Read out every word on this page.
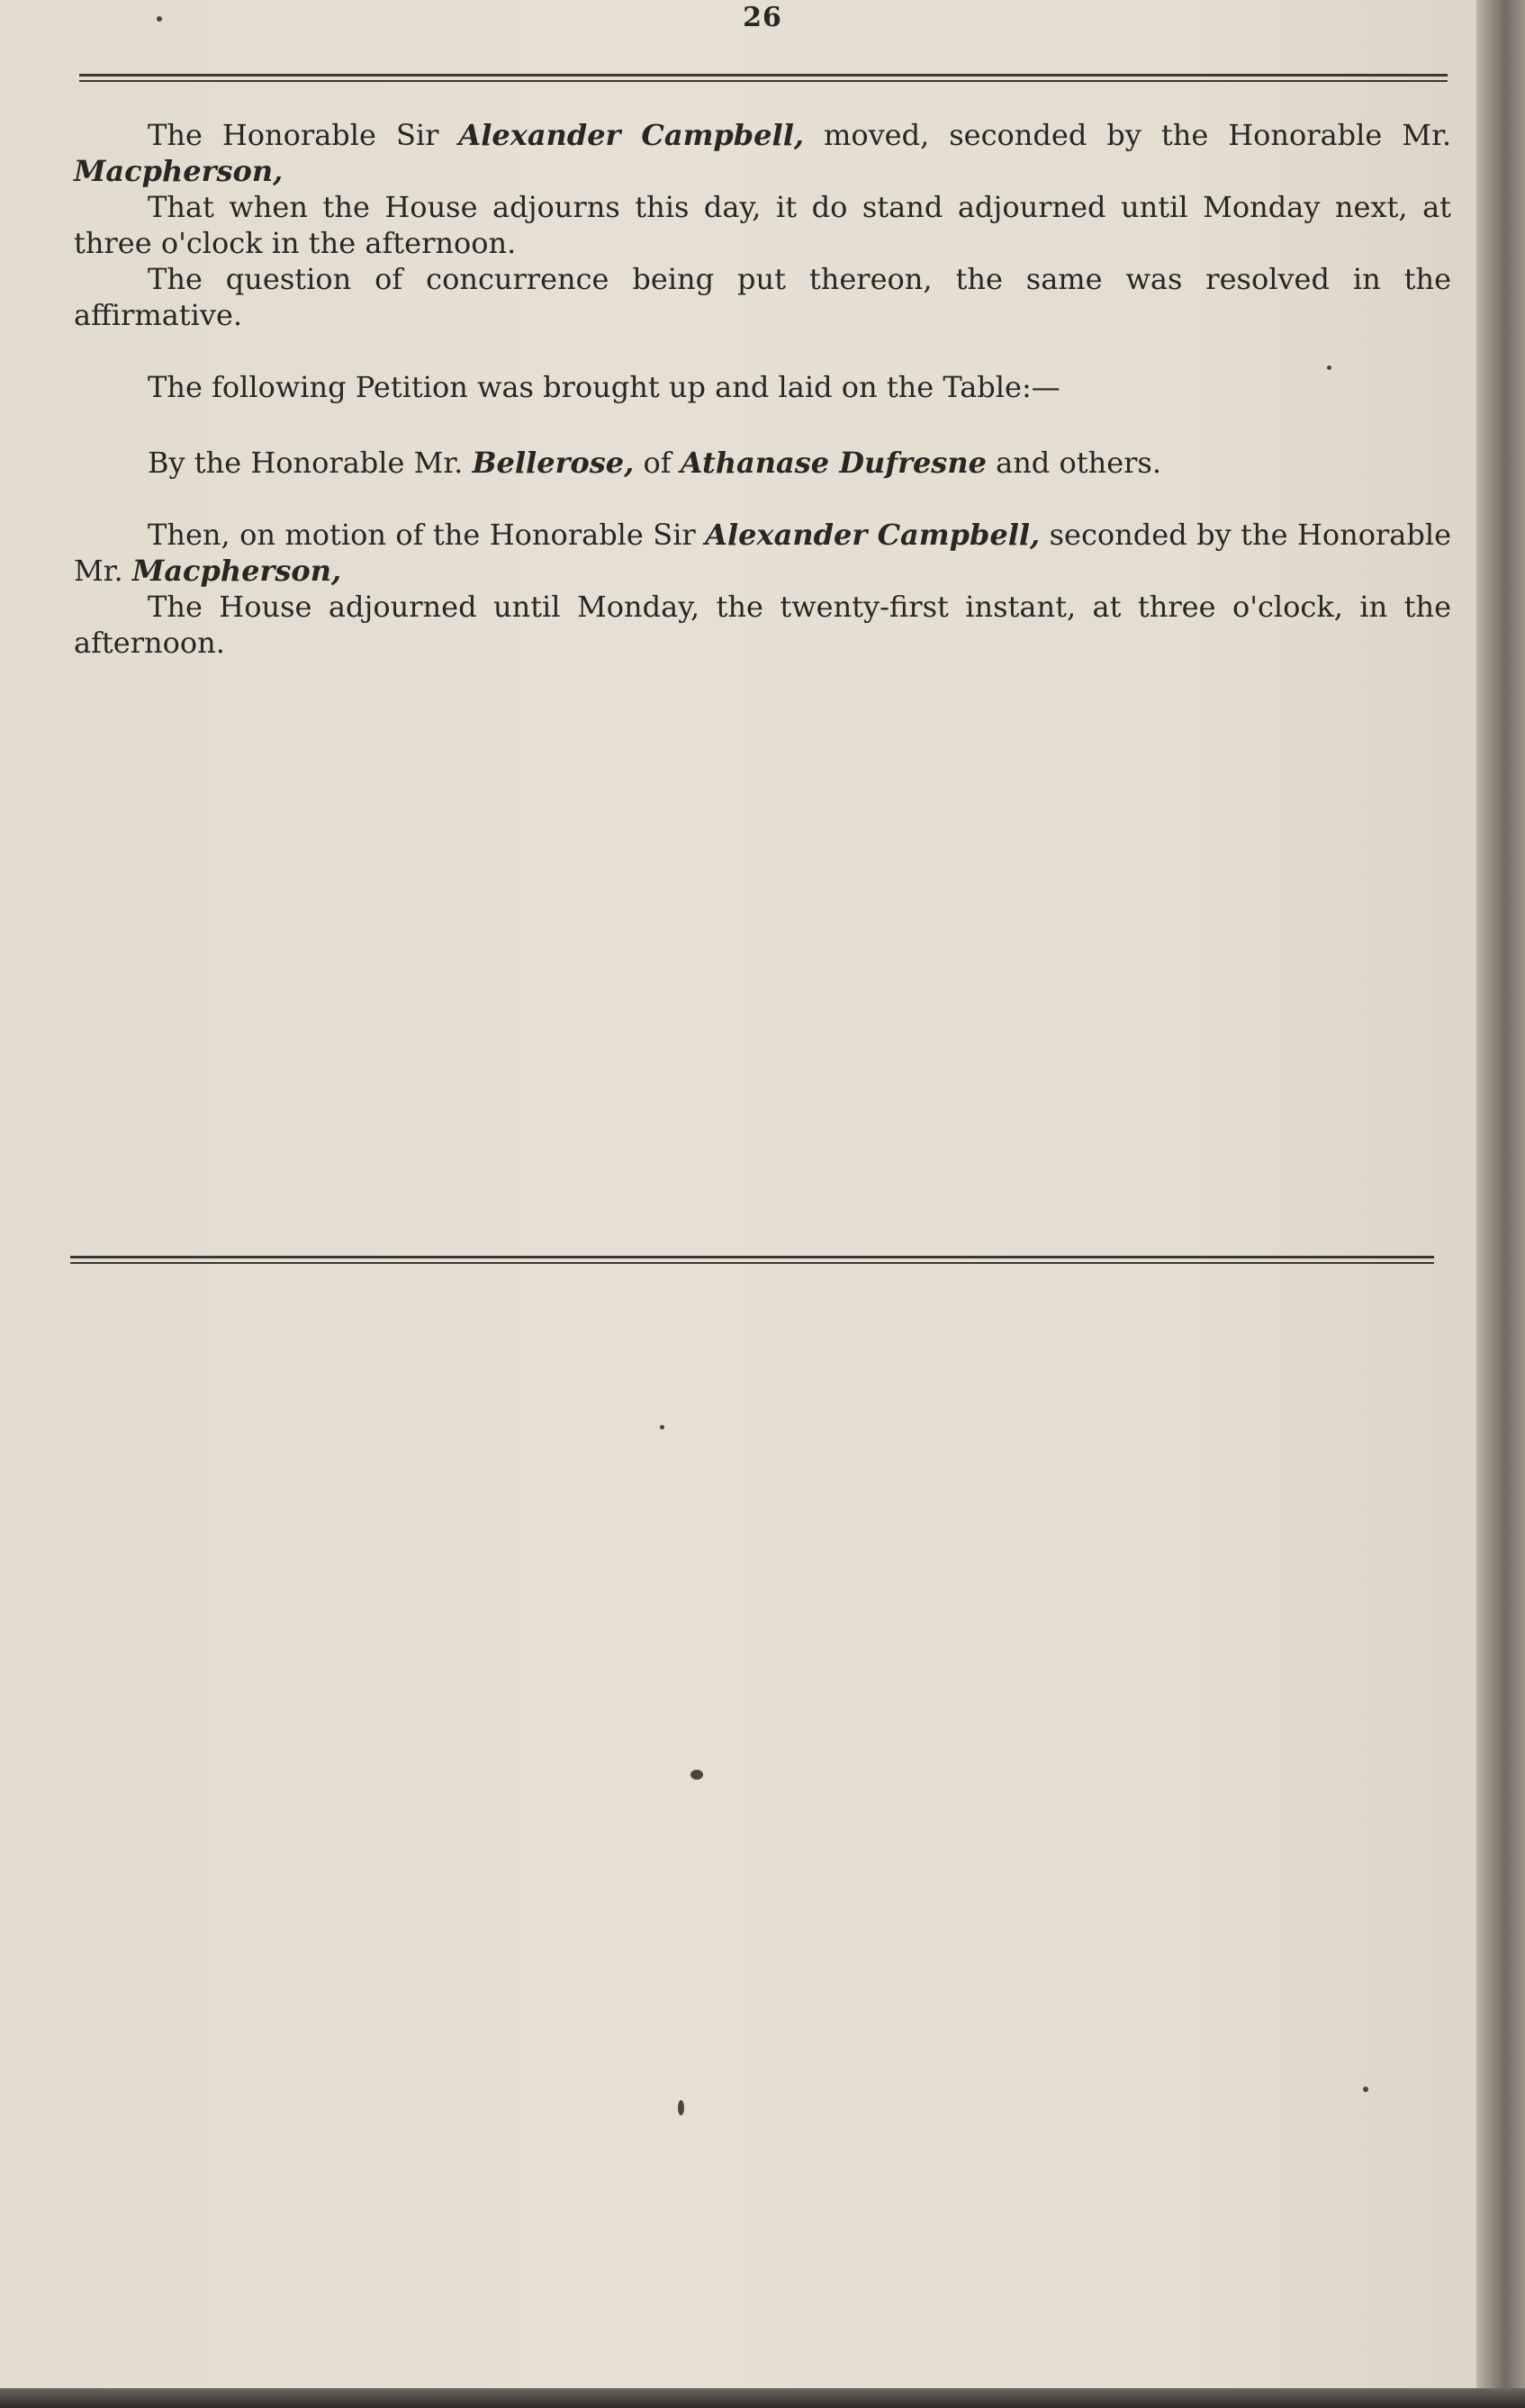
26

The Honorable Sir Alexander Campbell, moved, seconded by the Honorable Mr. Macpherson,

That when the House adjourns this day, it do stand adjourned until Monday next, at three o'clock in the afternoon.

The question of concurrence being put thereon, the same was resolved in the affirmative.

The following Petition was brought up and laid on the Table:—

By the Honorable Mr. Bellerose, of Athanase Dufresne and others.

Then, on motion of the Honorable Sir Alexander Campbell, seconded by the Honorable Mr. Macpherson,

The House adjourned until Monday, the twenty-first instant, at three o'clock, in the afternoon.
